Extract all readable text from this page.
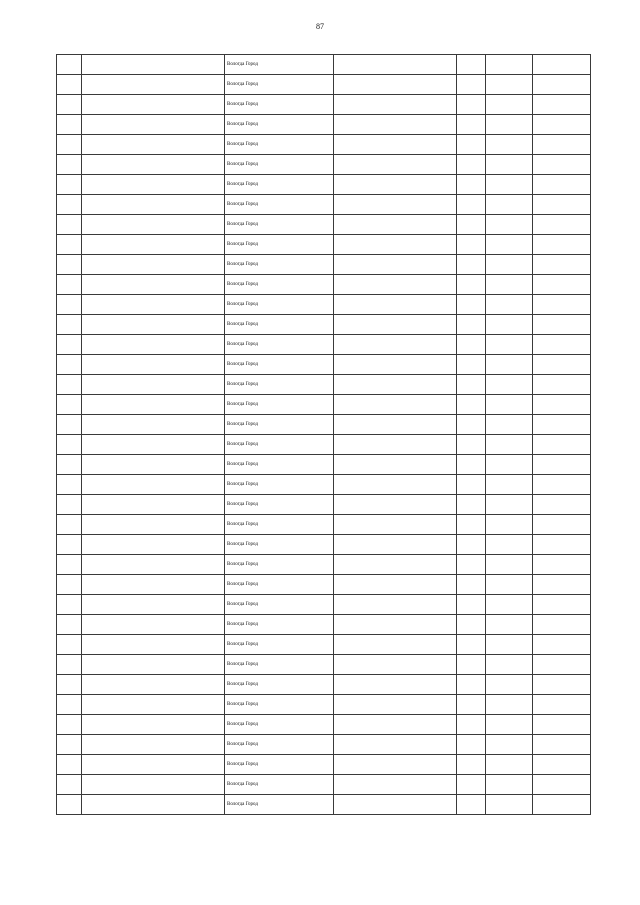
87
		Вологда Город				
		Вологда Город				
		Вологда Город				
		Вологда Город				
		Вологда Город				
		Вологда Город				
		Вологда Город				
		Вологда Город				
		Вологда Город				
		Вологда Город				
		Вологда Город				
		Вологда Город				
		Вологда Город				
		Вологда Город				
		Вологда Город				
		Вологда Город				
		Вологда Город				
		Вологда Город				
		Вологда Город				
		Вологда Город				
		Вологда Город				
		Вологда Город				
		Вологда Город				
		Вологда Город				
		Вологда Город				
		Вологда Город				
		Вологда Город				
		Вологда Город				
		Вологда Город				
		Вологда Город				
		Вологда Город				
		Вологда Город				
		Вологда Город				
		Вологда Город				
		Вологда Город				
		Вологда Город				
		Вологда Город				
		Вологда Город				
